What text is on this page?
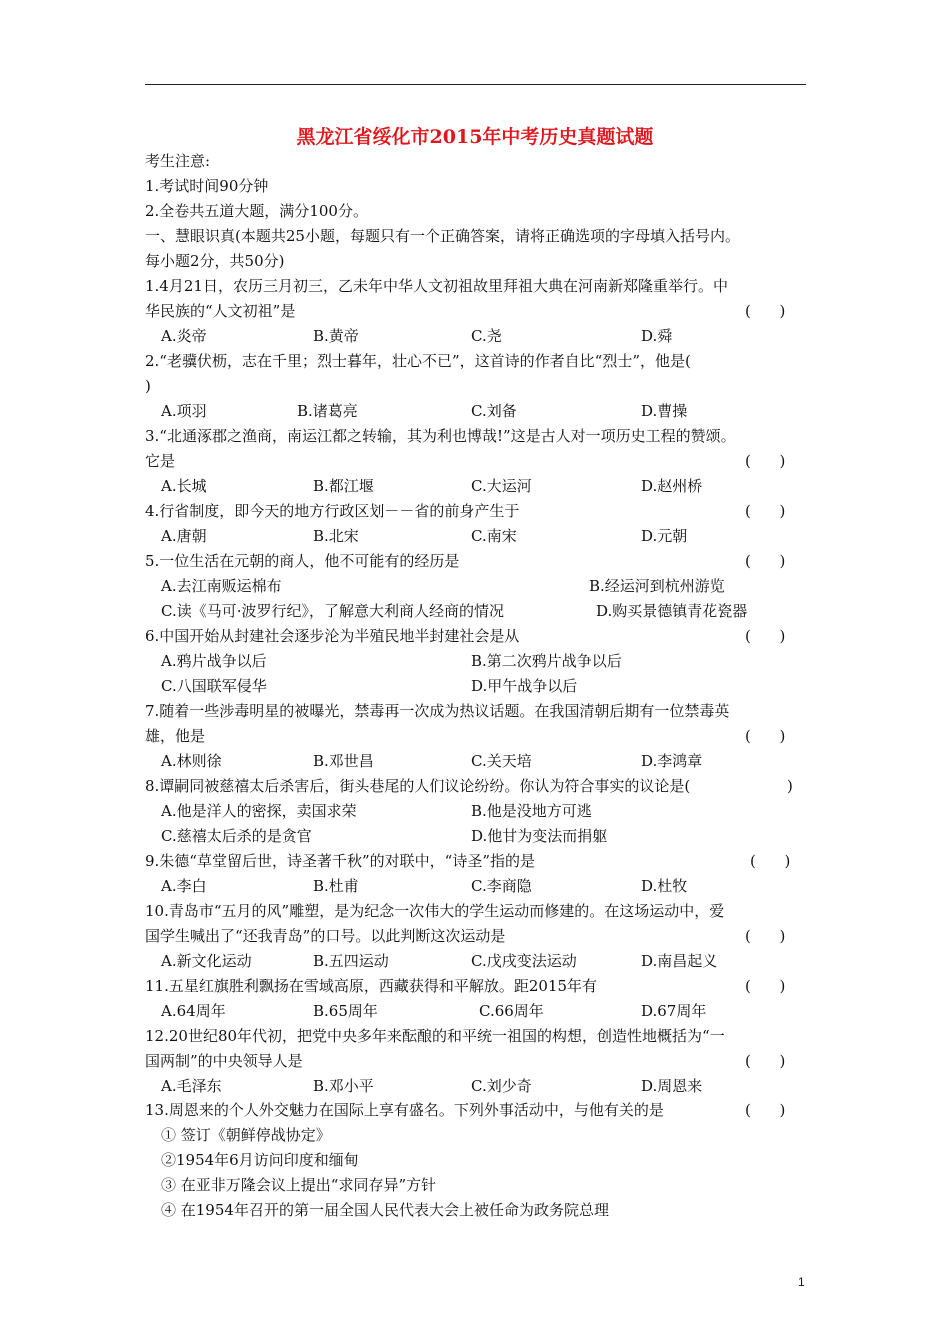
黑龙江省绥化市2015年中考历史真题试题
考生注意:
1.考试时间90分钟
2.全卷共五道大题，满分100分。
一、慧眼识真(本题共25小题，每题只有一个正确答案，请将正确选项的字母填入括号内。
每小题2分，共50分)
1.4月21日，农历三月初三，乙未年中华人文初祖故里拜祖大典在河南新郑隆重举行。中
华民族的“人文初祖”是	(      )
A.炎帝	B.黄帝	C.尧	D.舜
2.“老骥伏枥，志在千里；烈士暮年，壮心不已”，这首诗的作者自比“烈士”，他是(
)
A.项羽	B.诸葛亮	C.刘备	D.曹操
3.“北通涿郡之渔商，南运江都之转输，其为利也博哉!”这是古人对一项历史工程的赞颂。
它是	(      )
A.长城	B.都江堰	C.大运河	D.赵州桥
4.行省制度，即今天的地方行政区划－－省的前身产生于	(      )
A.唐朝	B.北宋	C.南宋	D.元朝
5.一位生活在元朝的商人，他不可能有的经历是	(      )
A.去江南贩运棉布	B.经运河到杭州游览
C.读《马可·波罗行纪》，了解意大利商人经商的情况	D.购买景德镇青花瓷器
6.中国开始从封建社会逐步沦为半殖民地半封建社会是从	(      )
A.鸦片战争以后	B.第二次鸦片战争以后
C.八国联军侵华	D.甲午战争以后
7.随着一些涉毒明星的被曝光，禁毒再一次成为热议话题。在我国清朝后期有一位禁毒英
雄，他是	(      )
A.林则徐	B.邓世昌	C.关天培	D.李鸿章
8.谭嗣同被慈禧太后杀害后，街头巷尾的人们议论纷纷。你认为符合事实的议论是(	)
A.他是洋人的密探，卖国求荣	B.他是没地方可逃
C.慈禧太后杀的是贪官	D.他甘为变法而捐躯
9.朱德“草堂留后世，诗圣著千秋”的对联中，“诗圣”指的是	(      )
A.李白	B.杜甫	C.李商隐	D.杜牧
10.青岛市“五月的风”雕塑，是为纪念一次伟大的学生运动而修建的。在这场运动中，爱
国学生喊出了“还我青岛”的口号。以此判断这次运动是	(      )
A.新文化运动	B.五四运动	C.戊戌变法运动	D.南昌起义
11.五星红旗胜利飘扬在雪域高原，西藏获得和平解放。距2015年有	(      )
A.64周年	B.65周年	C.66周年	D.67周年
12.20世纪80年代初，把党中央多年来酝酿的和平统一祖国的构想，创造性地概括为“一
国两制”的中央领导人是	(      )
A.毛泽东	B.邓小平	C.刘少奇	D.周恩来
13.周恩来的个人外交魅力在国际上享有盛名。下列外事活动中，与他有关的是	(      )
① 签订《朝鲜停战协定》
②1954年6月访问印度和缅甸
③ 在亚非万隆会议上提出“求同存异”方针
④ 在1954年召开的第一届全国人民代表大会上被任命为政务院总理
1
